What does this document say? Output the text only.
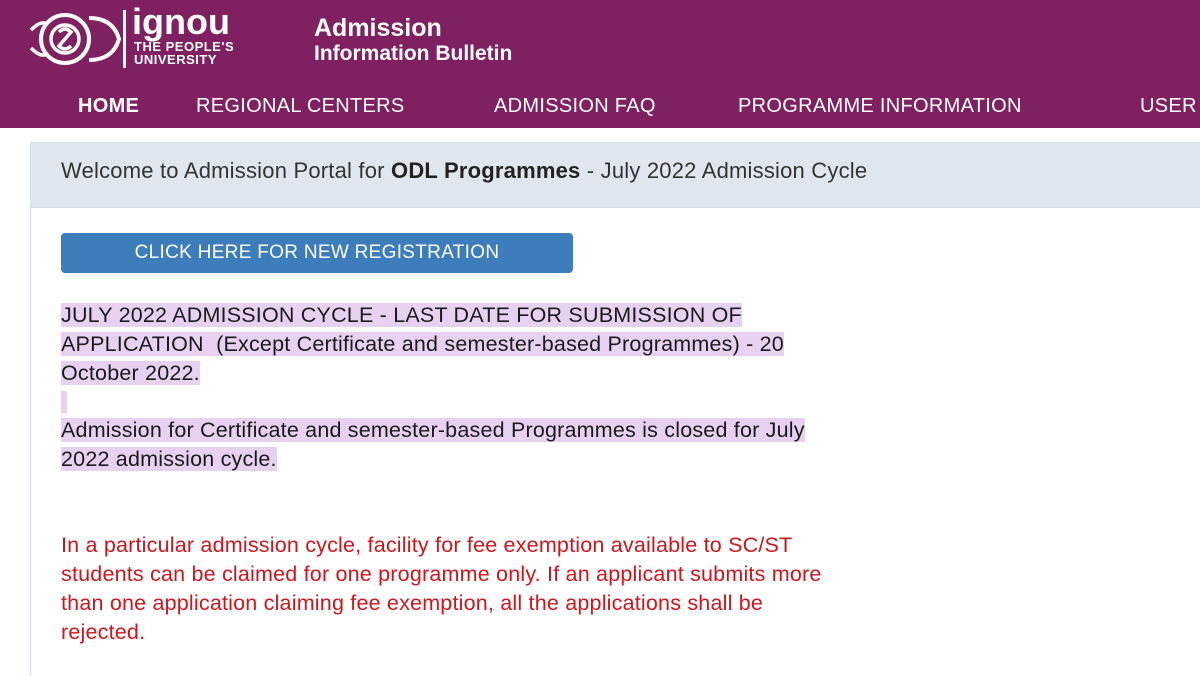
ignou
THE PEOPLE'S
UNIVERSITY
Admission
Information Bulletin
HOME	REGIONAL CENTERS	ADMISSION FAQ	PROGRAMME INFORMATION	USER
Welcome to Admission Portal for ODL Programmes - July 2022 Admission Cycle
CLICK HERE FOR NEW REGISTRATION
JULY 2022 ADMISSION CYCLE - LAST DATE FOR SUBMISSION OF
APPLICATION  (Except Certificate and semester-based Programmes) - 20
October 2022.
Admission for Certificate and semester-based Programmes is closed for July
2022 admission cycle.
In a particular admission cycle, facility for fee exemption available to SC/ST
students can be claimed for one programme only. If an applicant submits more
than one application claiming fee exemption, all the applications shall be
rejected.
